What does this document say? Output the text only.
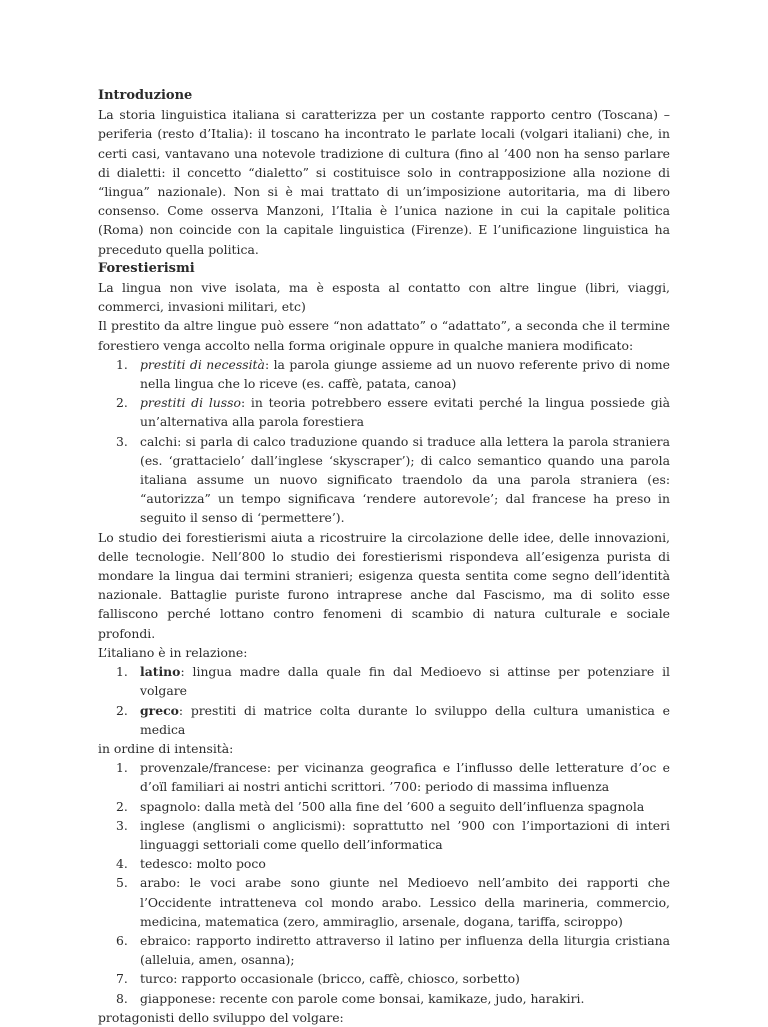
Introduzione

La storia linguistica italiana si caratterizza per un costante rapporto centro (Toscana) – periferia (resto d’Italia): il toscano ha incontrato le parlate locali (volgari italiani) che, in certi casi, vantavano una notevole tradizione di cultura (fino al ’400 non ha senso parlare di dialetti: il concetto “dialetto” si costituisce solo in contrapposizione alla nozione di “lingua” nazionale). Non si è mai trattato di un’imposizione autoritaria, ma di libero consenso. Come osserva Manzoni, l’Italia è l’unica nazione in cui la capitale politica (Roma) non coincide con la capitale linguistica (Firenze). E l’unificazione linguistica ha preceduto quella politica.

Forestierismi

La lingua non vive isolata, ma è esposta al contatto con altre lingue (libri, viaggi, commerci, invasioni militari, etc)

Il prestito da altre lingue può essere “non adattato” o “adattato”, a seconda che il termine forestiero venga accolto nella forma originale oppure in qualche maniera modificato:

1. prestiti di necessità: la parola giunge assieme ad un nuovo referente privo di nome nella lingua che lo riceve (es. caffè, patata, canoa)
2. prestiti di lusso: in teoria potrebbero essere evitati perché la lingua possiede già un’alternativa alla parola forestiera
3. calchi: si parla di calco traduzione quando si traduce alla lettera la parola straniera (es. ‘grattacielo’ dall’inglese ‘skyscraper’); di calco semantico quando una parola italiana assume un nuovo significato traendolo da una parola straniera (es: “autorizza” un tempo significava ‘rendere autorevole’; dal francese ha preso in seguito il senso di ‘permettere’).

Lo studio dei forestierismi aiuta a ricostruire la circolazione delle idee, delle innovazioni, delle tecnologie. Nell’800 lo studio dei forestierismi rispondeva all’esigenza purista di mondare la lingua dai termini stranieri; esigenza questa sentita come segno dell’identità nazionale. Battaglie puriste furono intraprese anche dal Fascismo, ma di solito esse falliscono perché lottano contro fenomeni di scambio di natura culturale e sociale profondi.

L’italiano è in relazione:

1. latino: lingua madre dalla quale fin dal Medioevo si attinse per potenziare il volgare
2. greco: prestiti di matrice colta durante lo sviluppo della cultura umanistica e medica

in ordine di intensità:

1. provenzale/francese: per vicinanza geografica e l’influsso delle letterature d’oc e d’oïl familiari ai nostri antichi scrittori. ’700: periodo di massima influenza
2. spagnolo: dalla metà del ’500 alla fine del ’600 a seguito dell’influenza spagnola
3. inglese (anglismi o anglicismi): soprattutto nel ’900 con l’importazioni di interi linguaggi settoriali come quello dell’informatica
4. tedesco: molto poco
5. arabo: le voci arabe sono giunte nel Medioevo nell’ambito dei rapporti che l’Occidente intratteneva col mondo arabo. Lessico della marineria, commercio, medicina, matematica (zero, ammiraglio, arsenale, dogana, tariffa, sciroppo)
6. ebraico: rapporto indiretto attraverso il latino per influenza della liturgia cristiana (alleluia, amen, osanna);
7. turco: rapporto occasionale (bricco, caffè, chiosco, sorbetto)
8. giapponese: recente con parole come bonsai, kamikaze, judo, harakiri.

protagonisti dello sviluppo del volgare:
